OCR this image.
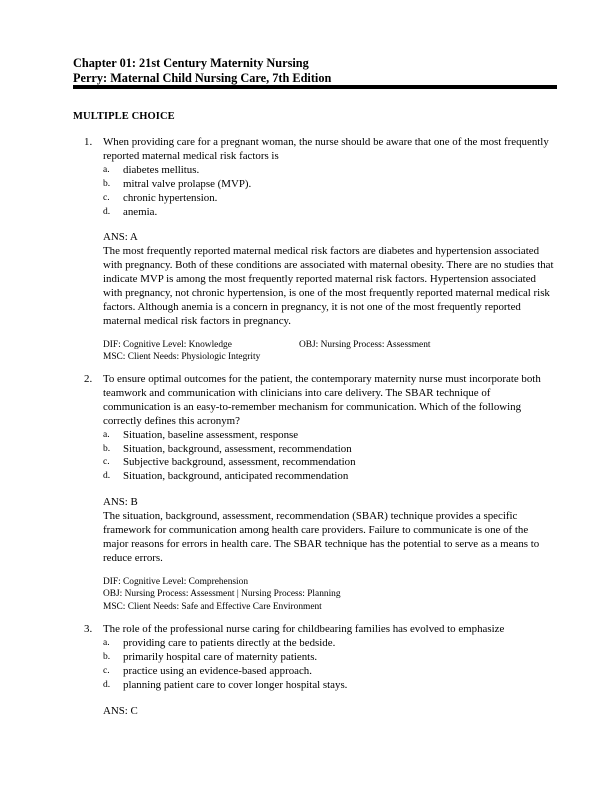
Chapter 01: 21st Century Maternity Nursing
Perry: Maternal Child Nursing Care, 7th Edition
MULTIPLE CHOICE
1. When providing care for a pregnant woman, the nurse should be aware that one of the most frequently reported maternal medical risk factors is
a.	diabetes mellitus.
b.	mitral valve prolapse (MVP).
c.	chronic hypertension.
d.	anemia.
ANS: A
The most frequently reported maternal medical risk factors are diabetes and hypertension associated with pregnancy. Both of these conditions are associated with maternal obesity. There are no studies that indicate MVP is among the most frequently reported maternal risk factors. Hypertension associated with pregnancy, not chronic hypertension, is one of the most frequently reported maternal medical risk factors. Although anemia is a concern in pregnancy, it is not one of the most frequently reported maternal medical risk factors in pregnancy.
DIF: Cognitive Level: Knowledge	OBJ: Nursing Process: Assessment
MSC: Client Needs: Physiologic Integrity
2. To ensure optimal outcomes for the patient, the contemporary maternity nurse must incorporate both teamwork and communication with clinicians into care delivery. The SBAR technique of communication is an easy-to-remember mechanism for communication. Which of the following correctly defines this acronym?
a.	Situation, baseline assessment, response
b.	Situation, background, assessment, recommendation
c.	Subjective background, assessment, recommendation
d.	Situation, background, anticipated recommendation
ANS: B
The situation, background, assessment, recommendation (SBAR) technique provides a specific framework for communication among health care providers. Failure to communicate is one of the major reasons for errors in health care. The SBAR technique has the potential to serve as a means to reduce errors.
DIF: Cognitive Level: Comprehension
OBJ: Nursing Process: Assessment | Nursing Process: Planning
MSC: Client Needs: Safe and Effective Care Environment
3. The role of the professional nurse caring for childbearing families has evolved to emphasize
a.	providing care to patients directly at the bedside.
b.	primarily hospital care of maternity patients.
c.	practice using an evidence-based approach.
d.	planning patient care to cover longer hospital stays.
ANS: C
